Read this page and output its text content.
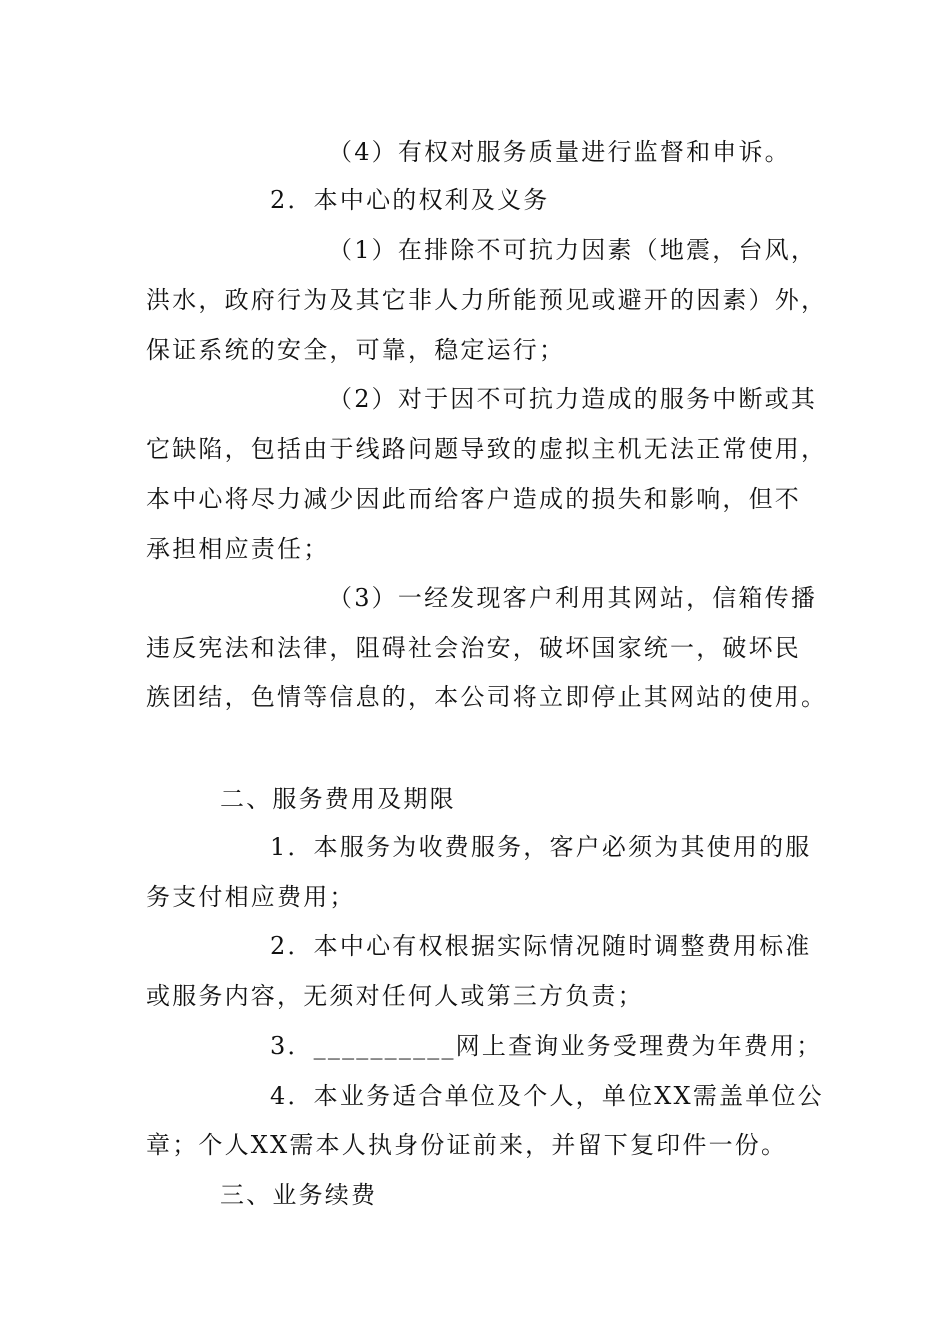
（4）有权对服务质量进行监督和申诉。
2．本中心的权利及义务
（1）在排除不可抗力因素（地震，台风，
洪水，政府行为及其它非人力所能预见或避开的因素）外，
保证系统的安全，可靠，稳定运行；
（2）对于因不可抗力造成的服务中断或其
它缺陷，包括由于线路问题导致的虚拟主机无法正常使用，
本中心将尽力减少因此而给客户造成的损失和影响，但不
承担相应责任；
（3）一经发现客户利用其网站，信箱传播
违反宪法和法律，阻碍社会治安，破坏国家统一，破坏民
族团结，色情等信息的，本公司将立即停止其网站的使用。
二、服务费用及期限
1．本服务为收费服务，客户必须为其使用的服
务支付相应费用；
2．本中心有权根据实际情况随时调整费用标准
或服务内容，无须对任何人或第三方负责；
3．__________网上查询业务受理费为年费用；
4．本业务适合单位及个人，单位XX需盖单位公
章；个人XX需本人执身份证前来，并留下复印件一份。
三、业务续费
